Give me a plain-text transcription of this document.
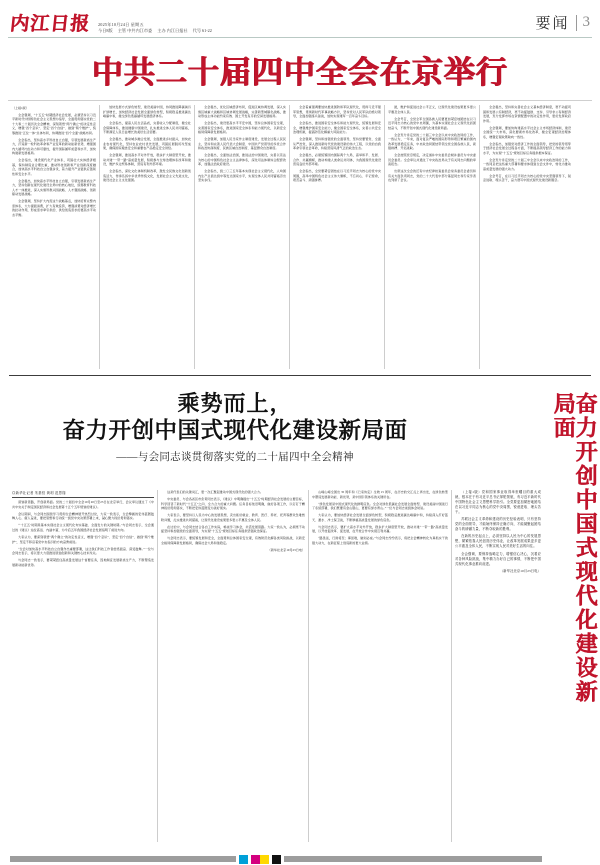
内江日报 2025年10月24日 星期五
今日8版 主管 中共内江市委 主办 内江日报社 代号 61-22	要闻 3
中共二十届四中全会在京举行
（上接1版）

全会强调，“十五五”时期经济社会发展，必须坚持以习近平新时代中国特色社会主义思想为指导，全面贯彻落实党的二十大和二十届历次全会精神，深刻领悟“两个确立”的决定性意义，增强“四个意识”、坚定“四个自信”、做到“两个维护”，统筹推进“五位一体”总体布局，协调推进“四个全面”战略布局。

全会指出，坚持高水平科技自立自强，引领发展新质生产力，打造新一轮科技革命和产业变革的新动能新优势，增强国内大循环内生动力和可靠性，提升国际循环质量和水平，加快构建新发展格局。

全会指出，建设现代化产业体系，巩固壮大实体经济根基，保持制造业合理比重，推动科技创新和产业创新深度融合，加快高水平科技自立自强步伐，着力提升产业链供应链韧性和安全水平。

全会提出，加快高水平科技自立自强，引领发展新质生产力，坚持创新在现代化建设全局中的核心地位，统筹教育科技人才一体推进，深入实施科教兴国战略、人才强国战略、创新驱动发展战略。

全会强调，坚持扩大内需这个战略基点，加快培育完整内需体系，大力提振消费，扩大有效投资，增强消费对经济增长的拉动作用，形成需求牵引供给、供给创造需求的更高水平动态平衡。

加快发展方式绿色转型，建设美丽中国，协同推进降碳减污扩绿增长，加快经济社会发展全面绿色转型，积极稳妥推进碳达峰碳中和，健全绿色低碳循环发展经济体系。

全会指出，提高人民生活品质，完善收入分配制度，健全社会保障体系，推进健康中国建设，扎实推进全体人民共同富裕，不断满足人民日益增长的美好生活需要。

全会提出，推动城乡融合发展，全面推进乡村振兴，加快农业农村现代化，坚持农业农村优先发展，巩固拓展脱贫攻坚成果，确保国家粮食安全和重要农产品稳定安全供给。

全会强调，推进高水平对外开放，稳步扩大制度型开放，推动共建“一带一路”高质量发展，积极参与全球治理体系改革和建设，维护多边贸易体制，营造有利外部环境。

全会指出，深化文化体制机制改革，激发全民族文化创新创造活力，传承弘扬中华优秀传统文化，发展社会主义先进文化，建设社会主义文化强国。

全会提出，优化区域经济布局，促进区域协调发展，深入实施区域重大战略和区域协调发展战略，完善新型城镇化战略，推动形成主体功能约束有效、国土开发有序的空间发展格局。

全会指出，建设更高水平平安中国，坚持总体国家安全观，完善国家安全体系，推进国家安全体系和能力现代化，以新安全格局保障新发展格局。

全会强调，加强人民当家作主制度建设，发展全过程人民民主，坚持和完善人民代表大会制度、中国共产党领导的多党合作和政治协商制度、民族区域自治制度、基层群众自治制度。

全会提出，全面依法治国，推进法治中国建设，完善以宪法为核心的中国特色社会主义法律体系，深化司法体制综合配套改革，加强法治政府建设。

全会指出，到二〇三五年基本实现社会主义现代化，人均国内生产总值达到中等发达国家水平，实现全体人民共同富裕迈出坚实步伐。

全会着重强调要加快推进国防和军队现代化，贯彻习近平强军思想，贯彻新时代军事战略方针，坚持党对人民军队的绝对领导，全面加强练兵备战，加快实现建军一百年奋斗目标。

全会指出，推进国家安全体系和能力现代化，统筹发展和安全，增强维护国家安全能力，健全国家安全体系，完善公共安全治理机制，提高防范化解重大风险能力。

全会强调，坚持和加强党的全面领导，坚持党要管党、全面从严治党，深入推进新时代党的建设新的伟大工程，以党的自我革命引领社会革命，持续营造风清气正的政治生态。

全会提出，必须统筹国内国际两个大局，高举和平、发展、合作、共赢旗帜，推动构建人类命运共同体，为我国现代化建设营造良好外部环境。

全会指出，全党要紧密团结在以习近平同志为核心的党中央周围，高举中国特色社会主义伟大旗帜，不忘初心、牢记使命，艰苦奋斗、顽强拼搏。

最，维护和促进社会公平正义，让现代化建设成果更多更公平惠及全体人民。

全会号召，全党全军全国各族人民要更加紧密地团结在以习近平同志为核心的党中央周围，为基本实现社会主义现代化而团结奋斗，不断开创中国式现代化建设新局面。

全会充分肯定党的二十届三中全会以来中央政治局的工作，一致认为，一年来，面对复杂严峻的国际形势和艰巨繁重的国内改革发展稳定任务，中央政治局团结带领全党全国各族人民，顽强拼搏、开拓进取。

全会按照党章规定，决定递补中央委员会候补委员为中央委员会委员。全会审议并通过了中央政治局关于有关同志问题的审查报告。

出席这次全会的还有中央纪律检查委员会常务委员会委员和有关方面负责同志，党的二十大代表中部分基层同志和专家学者也列席了会议。

全会提出，坚持和完善社会主义基本经济制度，毫不动摇巩固和发展公有制经济，毫不动摇鼓励、支持、引导非公有制经济发展，充分发挥市场在资源配置中的决定性作用，更好发挥政府作用。

全会强调，要加快构建高水平社会主义市场经济体制，建设全国统一大市场，深化要素市场化改革，健全宏观经济治理体系，增强宏观政策取向一致性。

全会指出，加强党对经济工作的全面领导，把党的领导贯穿于经济社会发展全过程各方面，不断提高领导经济工作的能力和水平，为实现“十五五”规划目标任务提供根本保证。

全会充分肯定党的二十届三中全会以来中央政治局的工作，一致同意把这些重大部署和要求体现到全会文件中，转化为推动高质量发展的强大动力。

全会号召，在以习近平同志为核心的党中央坚强领导下，锐意进取、埋头苦干，奋力谱写中国式现代化建设新篇章。

乘势而上，
奋力开创中国式现代化建设新局面
——与会同志谈贯彻落实党的二十届四中全会精神	奋力开创中国式现代化建设新局面
◎新华社记者 朱基钗 黄玥 范思翔

谋划新思路，开创新局面。党的二十届四中全会10月20日至23日在北京举行，会议审议通过了《中共中央关于制定国民经济和社会发展第十五个五年规划的建议》。

会议期间，与会同志围绕学习贯彻全会精神展开热烈讨论，大家一致表示，全会擘画的宏伟蓝图鼓舞人心、催人奋进，要把思想和行动统一到党中央决策部署上来，凝心聚力抓好贯彻落实。

“‘十五五’时期是基本实现社会主义现代化夯实基础、全面发力的关键时期。”与会同志表示，全会通过的《建议》站位高远、内涵丰富，为今后五年我国经济社会发展指明了前进方向。

大家认为，要深刻领悟“两个确立”的决定性意义，增强“四个意识”、坚定“四个自信”、做到“两个维护”，坚定不移沿着党中央指引的方向奋勇前进。

“全会对加快高水平科技自立自强作出重要部署，这让我们科技工作者倍感振奋、深受鼓舞。”一位与会同志表示，将以更大力度推进原始创新和关键核心技术攻关。

与会同志一致表示，要紧紧扭住高质量发展这个首要任务，因地制宜发展新质生产力，不断塑造发展新动能新优势。

这是代表们的关键词汇，更一次汇聚起推动中国式现代化的强大合力。

中央委员、与会各省区市负责同志表示，《建议》中明确提出“十五五”时期经济社会发展的主要目标，科学回答了新时代“十五五”之问、全力合力的重大问题。任务目标依旧明确，做好各项工作，以钉钉子精神抓好贯彻落实，不断把宏伟蓝图变为美好现实。

大家表示，要坚持以人民为中心的发展思想，突出抓好就业、教育、医疗、养老、托育等群众急难愁盼问题，扎实推进共同富裕，让现代化建设成果更多更公平惠及全体人民。

在讨论中，与会同志结合各自工作实际，畅谈学习体会，共话发展思路。大家一致认为，必须毫不动摇坚持和加强党的全面领导，为实现“十五五”规划目标任务提供坚强政治保证。

与会同志表示，要统筹发展和安全，全面贯彻总体国家安全观，有效防范化解各类风险挑战，以新安全格局保障新发展格局，确保社会大局和谐稳定。

（新华社北京10月23日电）

山峰山峰全国出 35 周年和《已家协定》生效 15 周年，在历史的交汇点上再出发，在绿色转型中塑造发展新动能、新优势，是中国引领体系的关键所在。

“绿色发展是中国式现代化的鲜明底色。全会对绿色低碳社会发展全面转型、建设美丽中国进行了系统部署，我们既要有金山银山，更要有绿水青山。”一位与会同志谈到体会时说。

大家认为，要加快经济社会发展全面绿色转型，积极稳妥推进碳达峰碳中和，持续深入打好蓝天、碧水、净土保卫战，不断厚植高质量发展的绿色底色。

与会同志表示，要扩大高水平对外开放，稳步扩大制度型开放，推动共建“一带一路”高质量发展，以开放促改革、促发展，在开放合作中实现互利共赢。

“路虽远，行则将至；事虽难，做则必成。”与会同志纷纷表示，将把全会精神转化为真抓实干的强大动力，在新征程上创造新的更大业绩。

（上接1版）党和国家事业取得举世瞩目的重大成就，根本在于有习近平总书记掌舵领航，有习近平新时代中国特色社会主义思想科学指引。全党要更加紧密地团结在以习近平同志为核心的党中央周围，锐意进取、埋头苦干。

苏联社会主义革命和建设的历史经验表明，只有坚持党的全面领导，才能始终保持正确方向，才能凝聚起团结奋斗的磅礴力量，不断夺取新的胜利。

在新的历史起点上，必须坚持以人民为中心的发展思想，紧紧依靠人民创造历史伟业，让改革发展成果更多更公平惠及全体人民，不断实现人民对美好生活的向往。

全会强调，要保持战略定力，增强信心决心，沉着应对各种风险挑战，集中精力办好自己的事情，不断把中国式现代化事业推向前进。

（新华社北京10月23日电）
